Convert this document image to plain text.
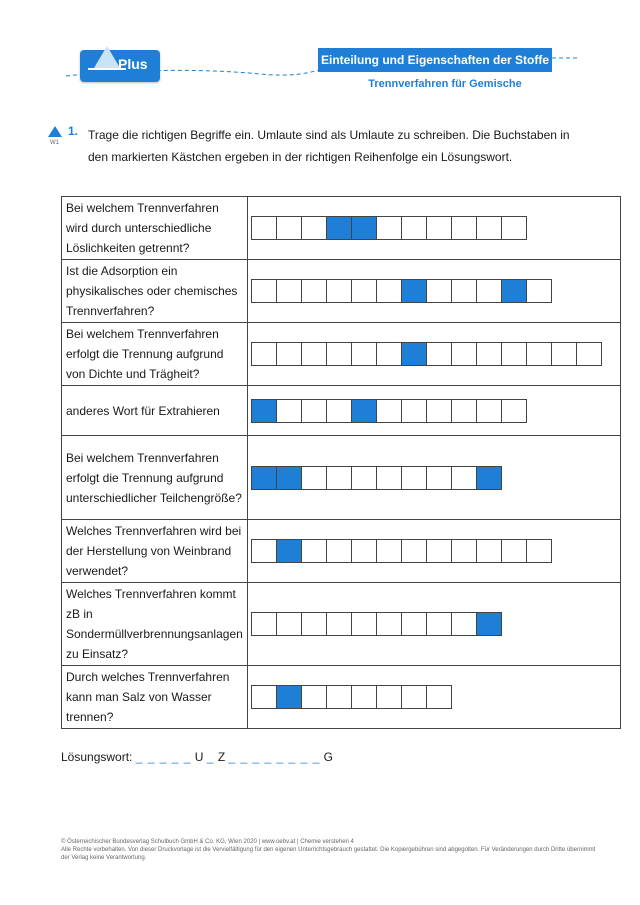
Plus	Einteilung und Eigenschaften der Stoffe
Trennverfahren für Gemische
W1
1. Trage die richtigen Begriffe ein. Umlaute sind als Umlaute zu schreiben. Die Buchstaben in den markierten Kästchen ergeben in der richtigen Reihenfolge ein Lösungswort.
Bei welchem Trennverfahren wird durch unterschiedliche Löslichkeiten getrennt?	

Ist die Adsorption ein physikalisches oder chemisches Trennverfahren?	

Bei welchem Trennverfahren erfolgt die Trennung aufgrund von Dichte und Trägheit?	

anderes Wort für Extrahieren	

Bei welchem Trennverfahren erfolgt die Trennung aufgrund unterschiedlicher Teilchengröße?	

Welches Trennverfahren wird bei der Herstellung von Weinbrand verwendet?	

Welches Trennverfahren kommt zB in Sondermüllverbrennungsanlagen zu Einsatz?	

Durch welches Trennverfahren kann man Salz von Wasser trennen?	
Lösungswort: _ _ _ _ _ U _ Z _ _ _ _ _ _ _ _ G
© Österreichischer Bundesverlag Schulbuch GmbH & Co. KG, Wien 2020 | www.oebv.at | Chemie verstehen 4
Alle Rechte vorbehalten. Von dieser Druckvorlage ist die Vervielfältigung für den eigenen Unterrichtsgebrauch gestattet. Die Kopiergebühren sind abgegolten. Für Veränderungen durch Dritte übernimmt der Verlag keine Verantwortung.
